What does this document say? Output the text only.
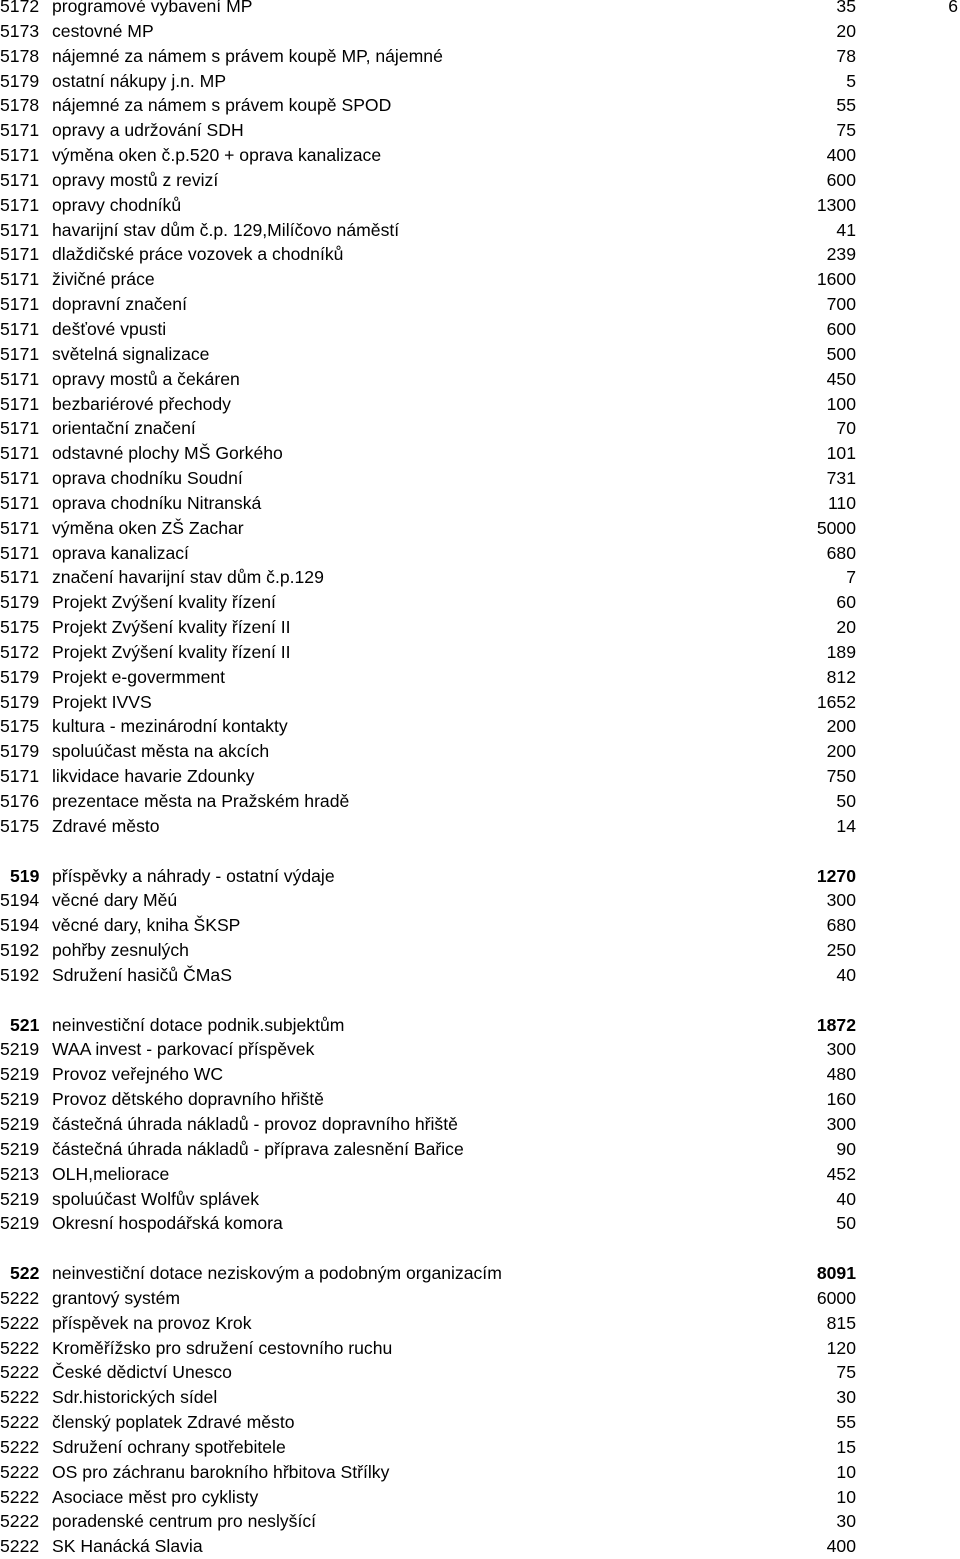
5172 programové vybavení MP	35	6
5173 cestovné MP	20
5178 nájemné za námem s právem koupě MP, nájemné	78
5179 ostatní nákupy j.n. MP	5
5178 nájemné za námem s právem koupě SPOD	55
5171 opravy a udržování SDH	75
5171 výměna oken č.p.520 + oprava kanalizace	400
5171 opravy mostů z revizí	600
5171 opravy chodníků	1300
5171 havarijní stav dům č.p. 129,Milíčovo náměstí	41
5171 dlaždičské práce vozovek a chodníků	239
5171 živičné práce	1600
5171 dopravní značení	700
5171 dešťové vpusti	600
5171 světelná signalizace	500
5171 opravy mostů a čekáren	450
5171 bezbariérové přechody	100
5171 orientační značení	70
5171 odstavné plochy MŠ Gorkého	101
5171 oprava chodníku Soudní	731
5171 oprava chodníku Nitranská	110
5171 výměna oken ZŠ Zachar	5000
5171 oprava kanalizací	680
5171 značení havarijní stav dům č.p.129	7
5179 Projekt Zvýšení kvality řízení	60
5175 Projekt Zvýšení kvality řízení II	20
5172 Projekt Zvýšení kvality řízení II	189
5179 Projekt e-govermment	812
5179 Projekt IVVS	1652
5175 kultura - mezinárodní kontakty	200
5179 spoluúčast města na akcích	200
5171 likvidace havarie Zdounky	750
5176 prezentace města na Pražském hradě	50
5175 Zdravé město	14
519 příspěvky a náhrady - ostatní výdaje	1270
5194 věcné dary Měú	300
5194 věcné dary, kniha ŠKSP	680
5192 pohřby zesnulých	250
5192 Sdružení hasičů ČMaS	40
521 neinvestiční dotace podnik.subjektům	1872
5219 WAA invest - parkovací příspěvek	300
5219 Provoz veřejného WC	480
5219 Provoz dětského dopravního hřiště	160
5219 částečná úhrada nákladů - provoz dopravního hřiště	300
5219 částečná úhrada nákladů - příprava zalesnění Bařice	90
5213 OLH,meliorace	452
5219 spoluúčast Wolfův splávek	40
5219 Okresní hospodářská komora	50
522 neinvestiční dotace neziskovým a podobným organizacím	8091
5222 grantový systém	6000
5222 příspěvek na provoz Krok	815
5222 Kroměřížsko pro sdružení cestovního ruchu	120
5222 České dědictví Unesco	75
5222 Sdr.historických sídel	30
5222 členský poplatek Zdravé město	55
5222 Sdružení ochrany spotřebitele	15
5222 OS pro záchranu barokního hřbitova Střílky	10
5222 Asociace měst pro cyklisty	10
5222 poradenské centrum pro neslyšící	30
5222 SK Hanácká Slavia	400
